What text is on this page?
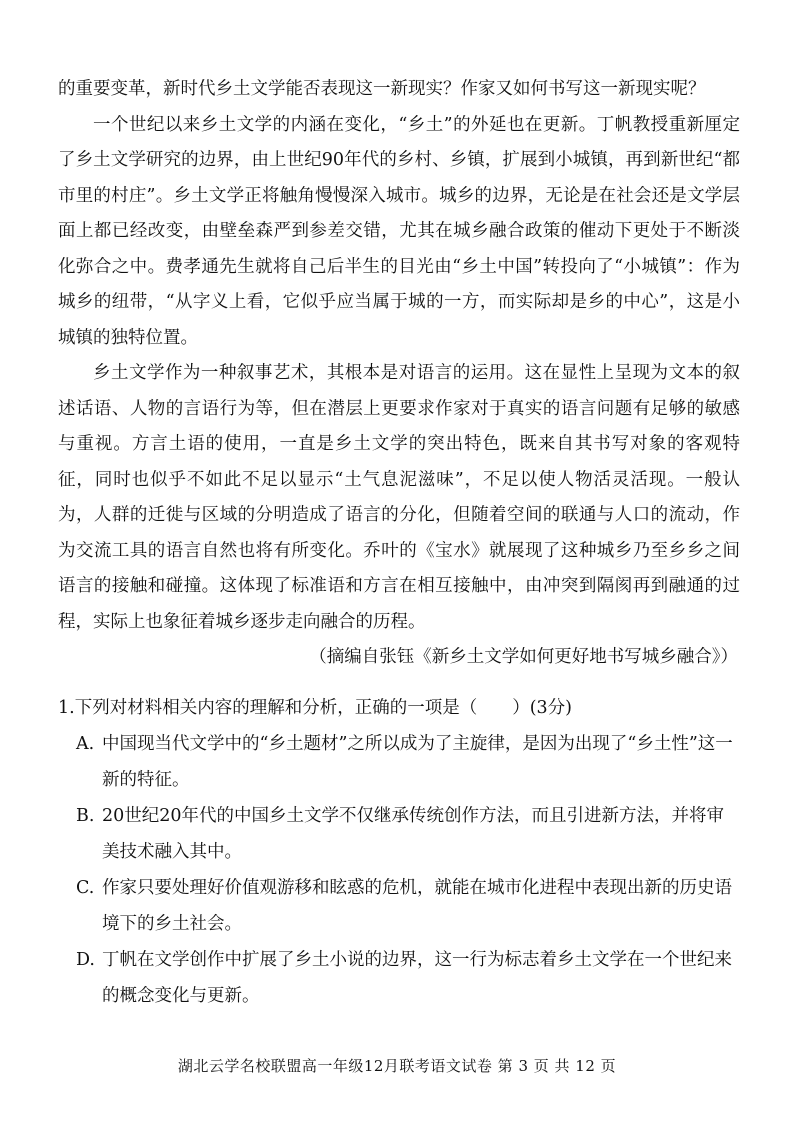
的重要变革，新时代乡土文学能否表现这一新现实？作家又如何书写这一新现实呢？

一个世纪以来乡土文学的内涵在变化，“乡土”的外延也在更新。丁帆教授重新厘定了乡土文学研究的边界，由上世纪90年代的乡村、乡镇，扩展到小城镇，再到新世纪“都市里的村庄”。乡土文学正将触角慢慢深入城市。城乡的边界，无论是在社会还是文学层面上都已经改变，由壁垒森严到参差交错，尤其在城乡融合政策的催动下更处于不断淡化弥合之中。费孝通先生就将自己后半生的目光由“乡土中国”转投向了“小城镇”：作为城乡的纽带，“从字义上看，它似乎应当属于城的一方，而实际却是乡的中心”，这是小城镇的独特位置。

乡土文学作为一种叙事艺术，其根本是对语言的运用。这在显性上呈现为文本的叙述话语、人物的言语行为等，但在潜层上更要求作家对于真实的语言问题有足够的敏感与重视。方言土语的使用，一直是乡土文学的突出特色，既来自其书写对象的客观特征，同时也似乎不如此不足以显示“土气息泥滋味”，不足以使人物活灵活现。一般认为，人群的迁徙与区域的分明造成了语言的分化，但随着空间的联通与人口的流动，作为交流工具的语言自然也将有所变化。乔叶的《宝水》就展现了这种城乡乃至乡乡之间语言的接触和碰撞。这体现了标准语和方言在相互接触中，由冲突到隔阂再到融通的过程，实际上也象征着城乡逐步走向融合的历程。

（摘编自张钰《新乡土文学如何更好地书写城乡融合》）

1.下列对材料相关内容的理解和分析，正确的一项是（　　）(3分)

A. 中国现当代文学中的“乡土题材”之所以成为了主旋律，是因为出现了“乡土性”这一新的特征。

B. 20世纪20年代的中国乡土文学不仅继承传统创作方法，而且引进新方法，并将审美技术融入其中。

C. 作家只要处理好价值观游移和眩惑的危机，就能在城市化进程中表现出新的历史语境下的乡土社会。

D. 丁帆在文学创作中扩展了乡土小说的边界，这一行为标志着乡土文学在一个世纪来的概念变化与更新。

湖北云学名校联盟高一年级12月联考语文试卷 第 3 页 共 12 页
